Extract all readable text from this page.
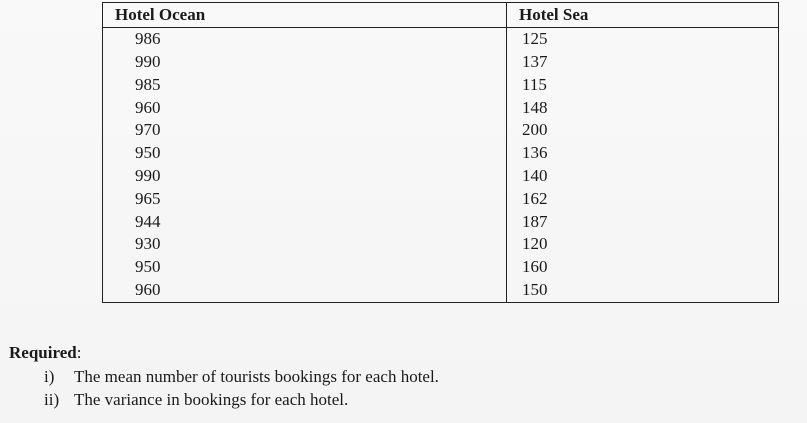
Hotel Ocean	Hotel Sea
986	125
990	137
985	115
960	148
970	200
950	136
990	140
965	162
944	187
930	120
950	160
960	150
Required:
i) The mean number of tourists bookings for each hotel.
ii) The variance in bookings for each hotel.
